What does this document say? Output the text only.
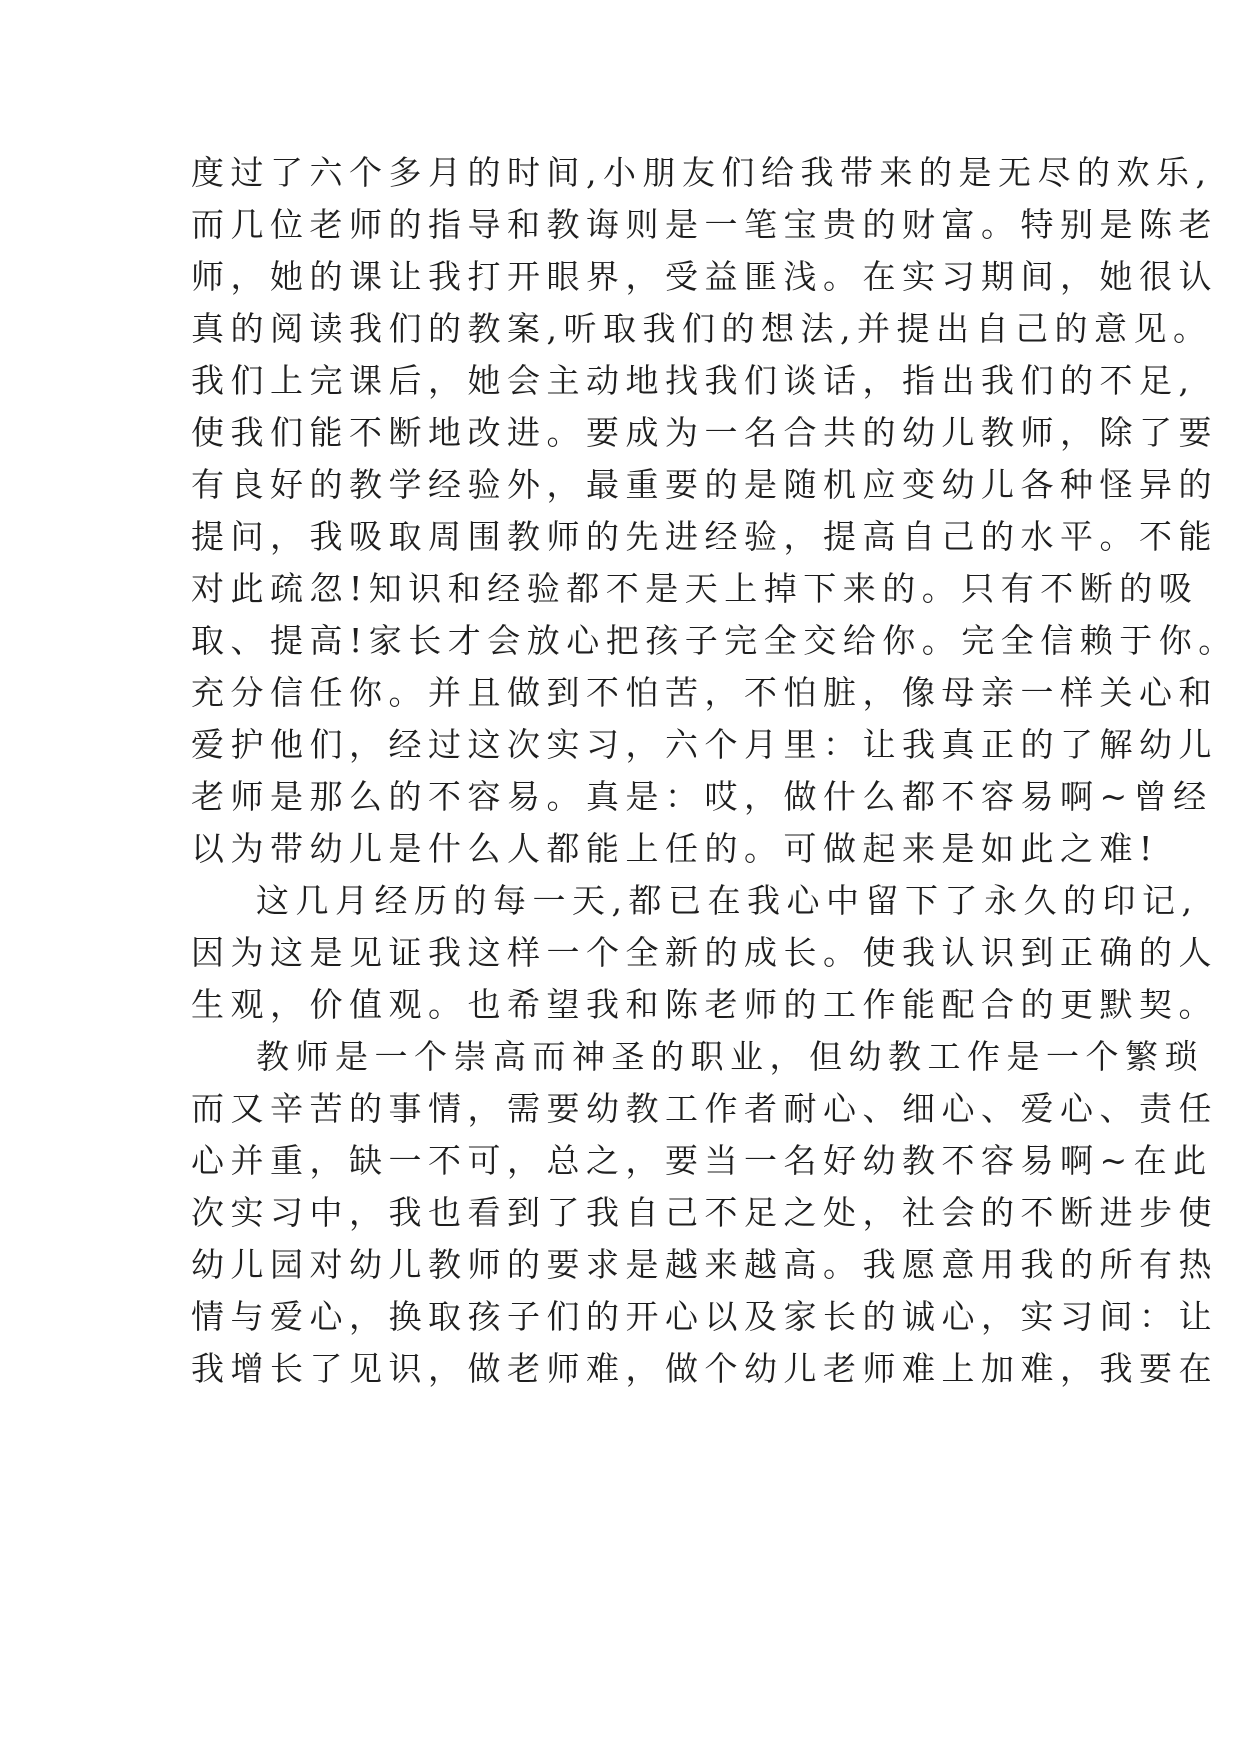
度过了六个多月的时间,小朋友们给我带来的是无尽的欢乐,
而几位老师的指导和教诲则是一笔宝贵的财富。特别是陈老
师，她的课让我打开眼界，受益匪浅。在实习期间，她很认
真的阅读我们的教案,听取我们的想法,并提出自己的意见。
我们上完课后，她会主动地找我们谈话，指出我们的不足,
使我们能不断地改进。要成为一名合共的幼儿教师，除了要
有良好的教学经验外，最重要的是随机应变幼儿各种怪异的
提问，我吸取周围教师的先进经验，提高自己的水平。不能
对此疏忽!知识和经验都不是天上掉下来的。只有不断的吸
取、提高!家长才会放心把孩子完全交给你。完全信赖于你。
充分信任你。并且做到不怕苦，不怕脏，像母亲一样关心和
爱护他们，经过这次实习，六个月里：让我真正的了解幼儿
老师是那么的不容易。真是：哎，做什么都不容易啊~曾经
以为带幼儿是什么人都能上任的。可做起来是如此之难!
这几月经历的每一天,都已在我心中留下了永久的印记,
因为这是见证我这样一个全新的成长。使我认识到正确的人
生观，价值观。也希望我和陈老师的工作能配合的更默契。
教师是一个崇高而神圣的职业，但幼教工作是一个繁琐
而又辛苦的事情，需要幼教工作者耐心、细心、爱心、责任
心并重，缺一不可，总之，要当一名好幼教不容易啊~在此
次实习中，我也看到了我自己不足之处，社会的不断进步使
幼儿园对幼儿教师的要求是越来越高。我愿意用我的所有热
情与爱心，换取孩子们的开心以及家长的诚心，实习间：让
我增长了见识，做老师难，做个幼儿老师难上加难，我要在
